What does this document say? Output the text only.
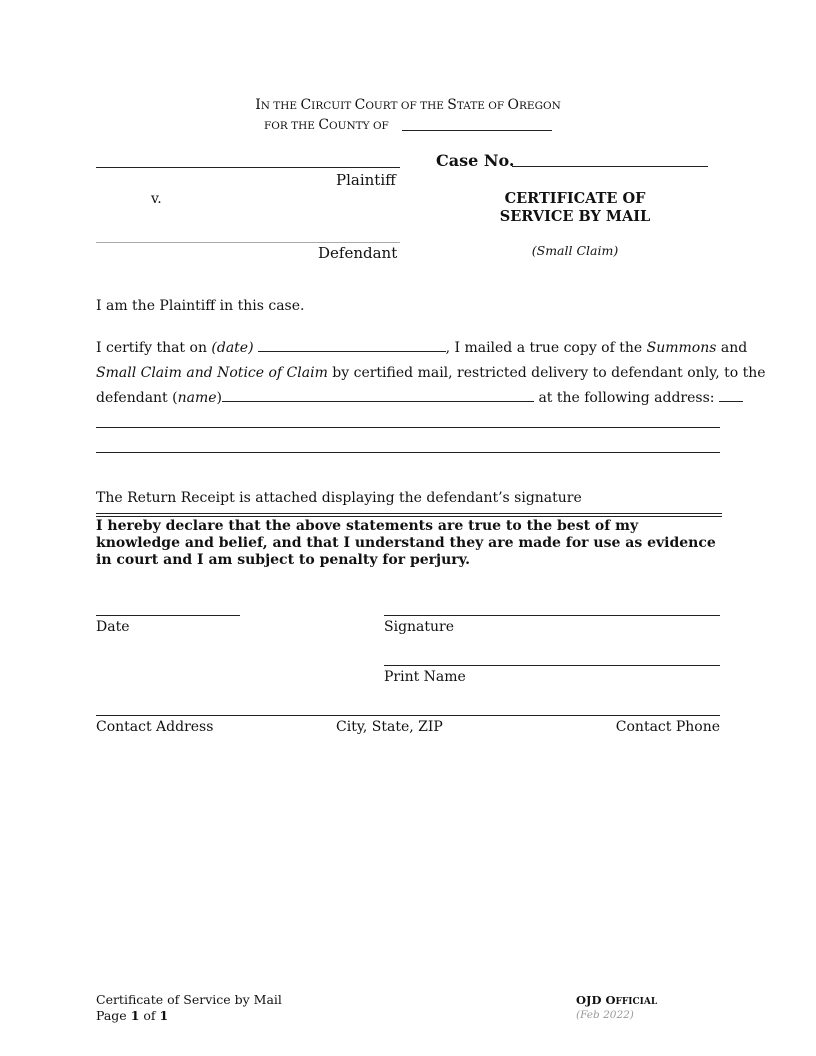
IN THE CIRCUIT COURT OF THE STATE OF OREGON
FOR THE COUNTY OF
Plaintiff
v.
Defendant
Case No.
CERTIFICATE OF
SERVICE BY MAIL
(Small Claim)
I am the Plaintiff in this case.
I certify that on (date)	, I mailed a true copy of the Summons and
Small Claim and Notice of Claim by certified mail, restricted delivery to defendant only, to the
defendant (name)	at the following address:
The Return Receipt is attached displaying the defendant’s signature
I hereby declare that the above statements are true to the best of my knowledge and belief, and that I understand they are made for use as evidence in court and I am subject to penalty for perjury.
Date	Signature
Print Name
Contact Address	City, State, ZIP	Contact Phone
Certificate of Service by Mail
Page 1 of 1
OJD OFFICIAL
(Feb 2022)
